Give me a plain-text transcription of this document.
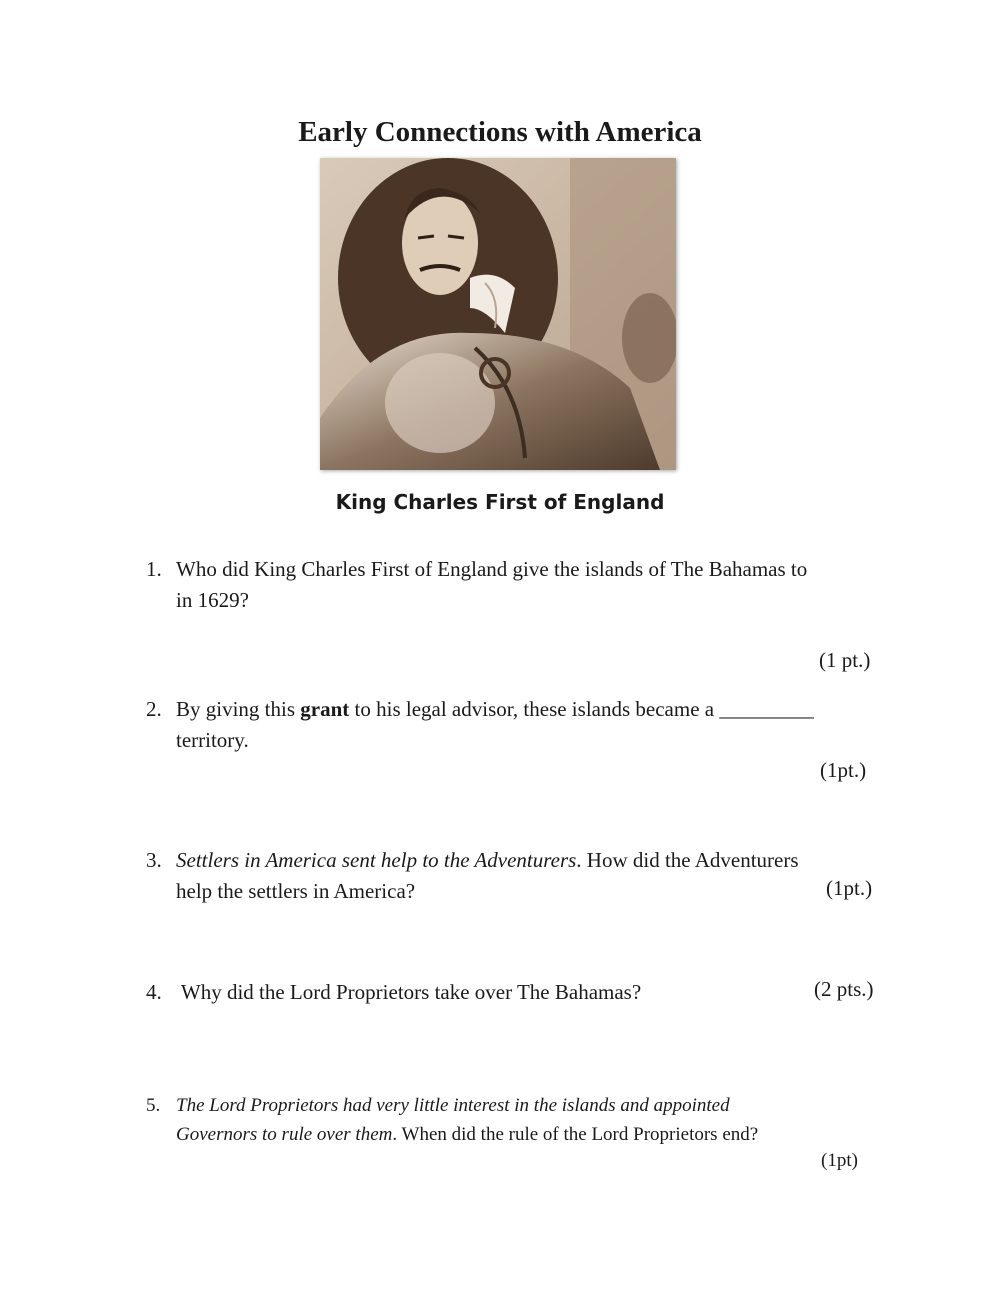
Early Connections with America
King Charles First of England
1. Who did King Charles First of England give the islands of The Bahamas to
in 1629?
(1 pt.)
2. By giving this grant to his legal advisor, these islands became a _________
territory.
(1pt.)
3. Settlers in America sent help to the Adventurers. How did the Adventurers
help the settlers in America?	(1pt.)
4. Why did the Lord Proprietors take over The Bahamas?	(2 pts.)
5. The Lord Proprietors had very little interest in the islands and appointed
Governors to rule over them. When did the rule of the Lord Proprietors end?
(1pt)
